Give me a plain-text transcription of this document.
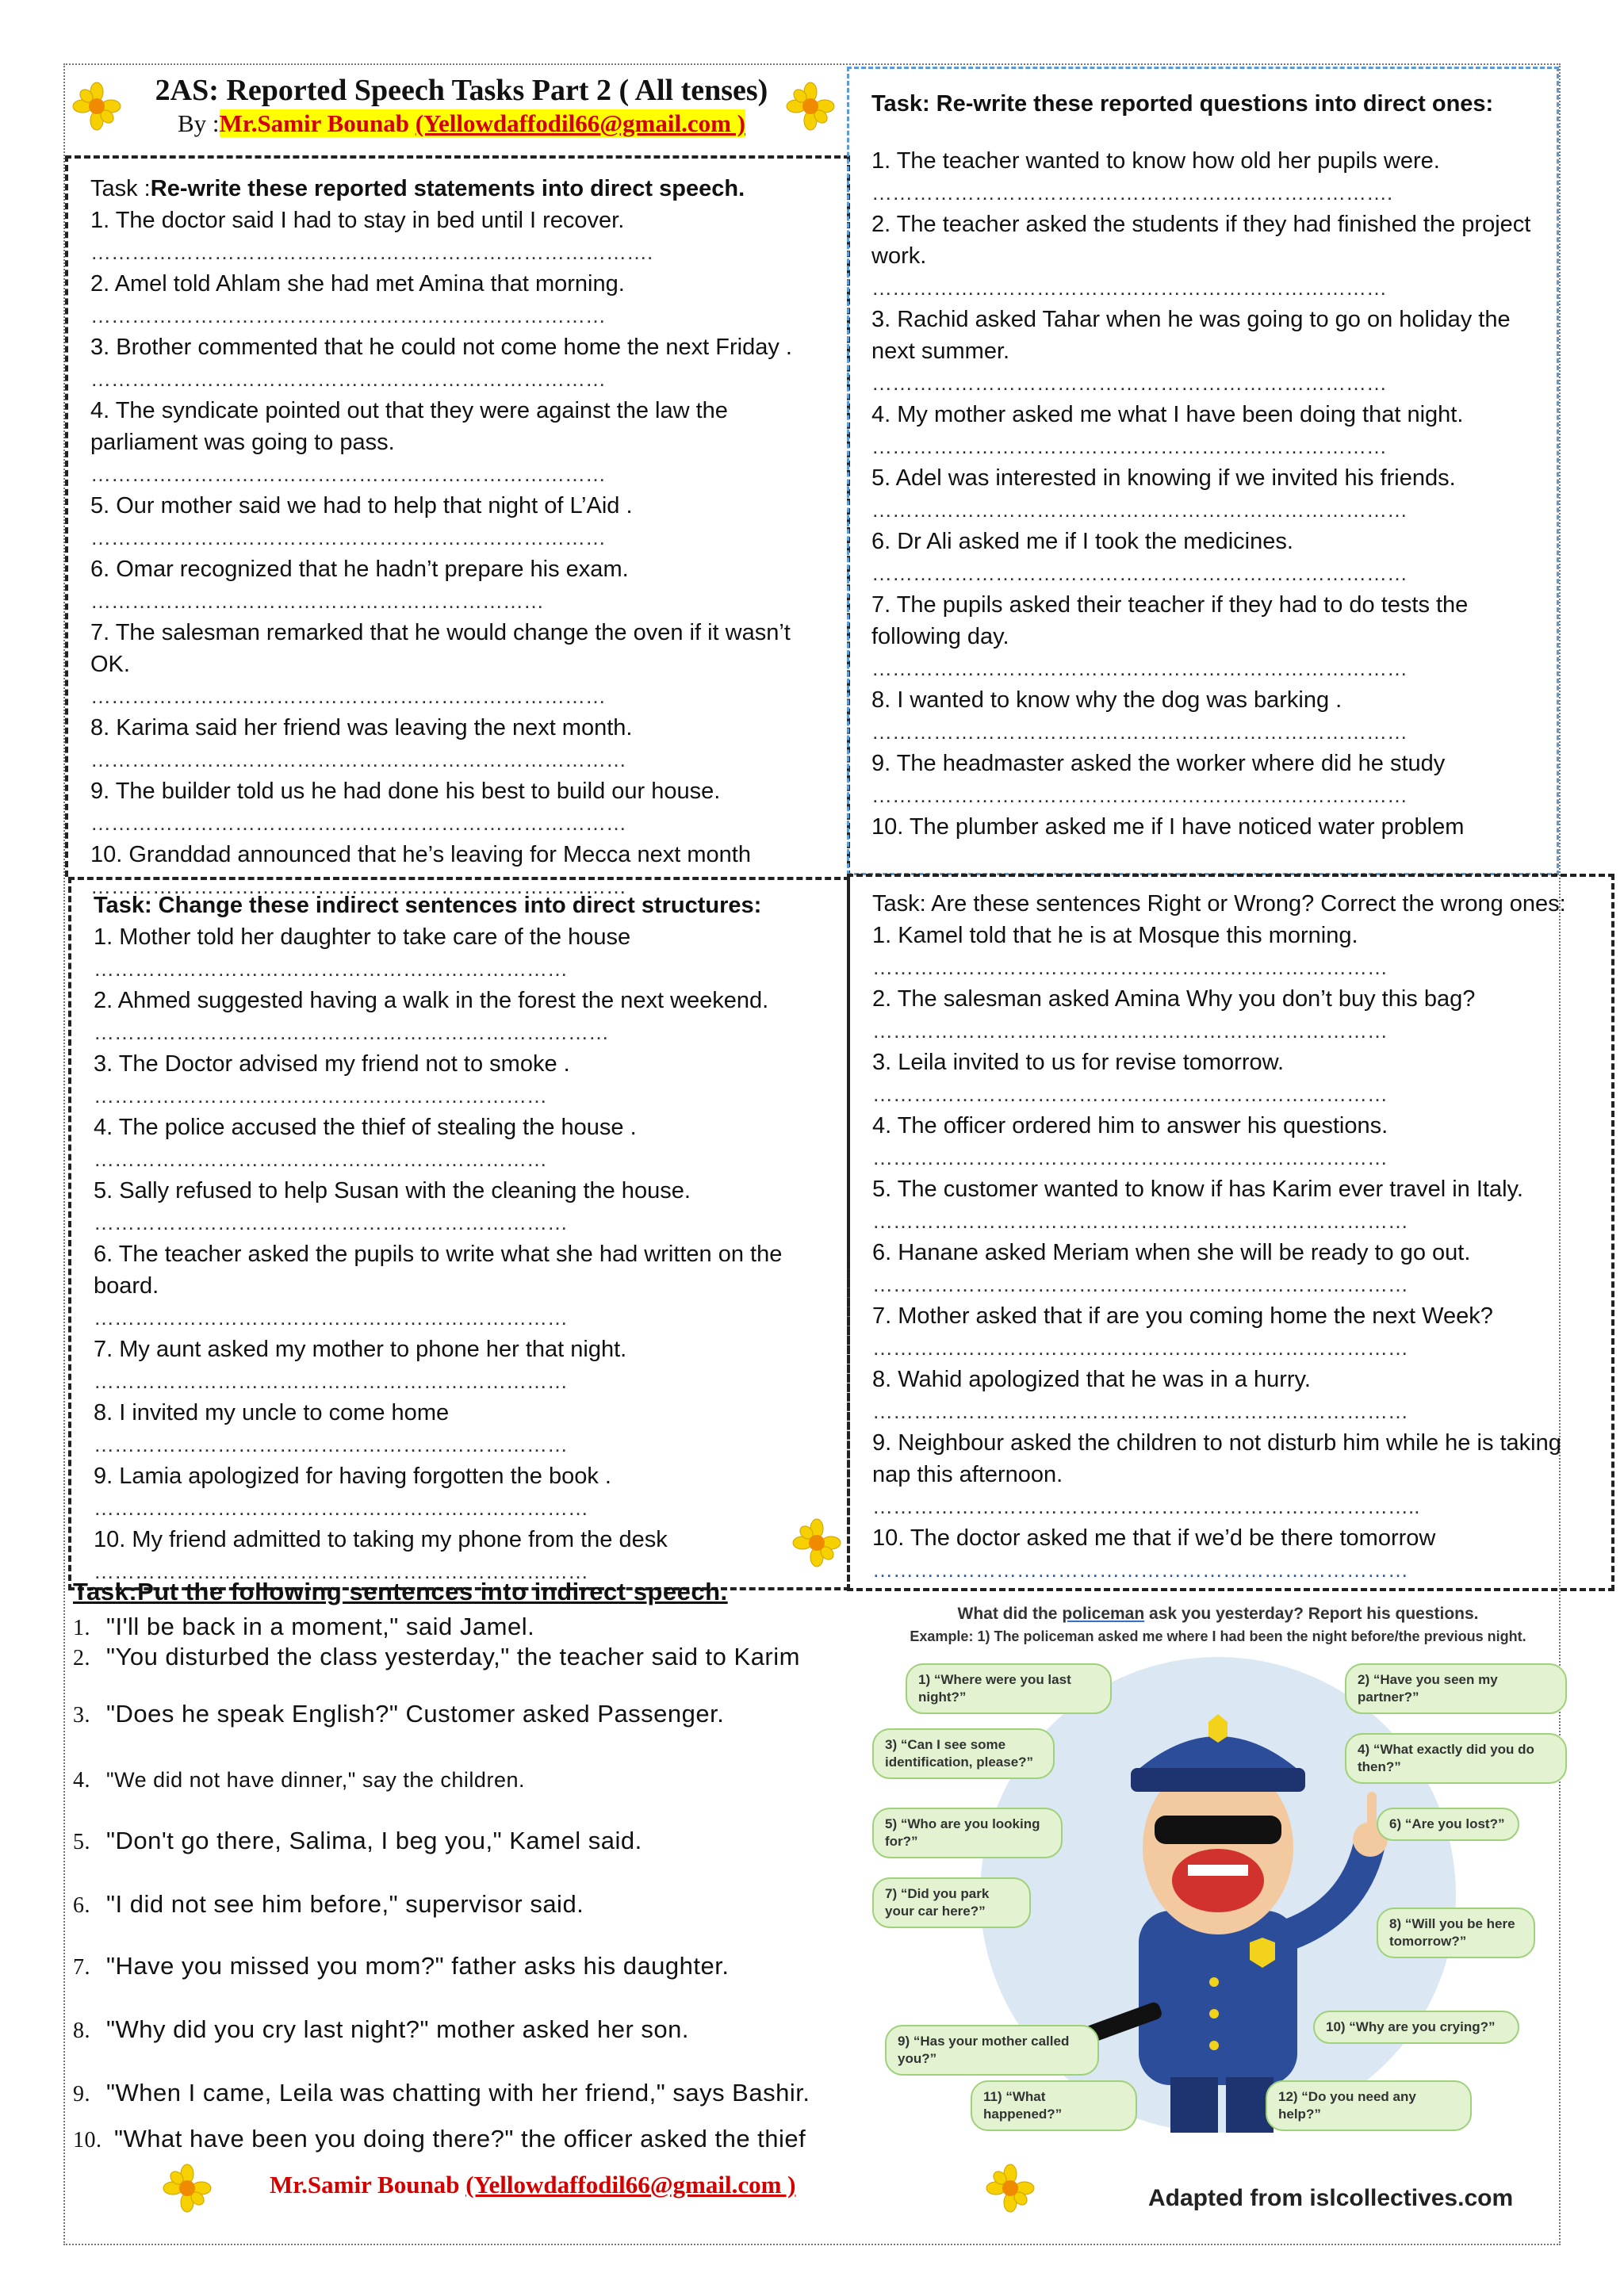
2AS: Reported Speech Tasks Part 2 ( All tenses)
By :Mr.Samir Bounab (Yellowdaffodil66@gmail.com )
Task :Re-write these reported statements into direct speech.
1. The doctor said I had to stay in bed until I recover.
……………………………………………………………………….
2. Amel told Ahlam she had met Amina that morning.
…………………………………………………………………
3. Brother commented that he could not come home the next Friday .
…………………………………………………………………
4. The syndicate pointed out that they were against the law the parliament was going to pass.
…………………………………………………………………
5. Our mother said we had to help that night of L’Aid .
…………………………………………………………………
6. Omar recognized that he hadn’t prepare his exam.
…………………………………………………………
7. The salesman remarked that he would change the oven if it wasn’t OK.
…………………………………………………………………
8. Karima said her friend was leaving the next month.
……………………………………………………………………
9. The builder told us he had done his best to build our house.
……………………………………………………………………
10. Granddad announced that he’s leaving for Mecca next month
……………………………………………………………………
Task: Re-write these reported questions into direct ones:
1. The teacher wanted to know how old her pupils were.
………………………………………………………………….
2. The teacher asked the students if they had finished the project work.
…………………………………………………………………
3. Rachid asked Tahar when he was going to go on holiday the next summer.
…………………………………………………………………
4. My mother asked me what I have been doing that night.
…………………………………………………………………
5. Adel was interested in knowing if we invited his friends.
……………………………………………………………………
6. Dr Ali asked me if I took the medicines.
……………………………………………………………………
7. The pupils asked their teacher if they had to do tests the following day.
……………………………………………………………………
8. I wanted to know why the dog was barking .
……………………………………………………………………
9. The headmaster asked the worker where did he study
……………………………………………………………………
10. The plumber asked me if I have noticed water problem
Task: Change these indirect sentences into direct structures:
1. Mother told her daughter to take care of the house
……………………………………………………………
2. Ahmed suggested having a walk in the forest the next weekend.
…………………………………………………………………
3. The Doctor advised my friend not to smoke .
…………………………………………………………
4. The police accused the thief of stealing the house .
…………………………………………………………
5. Sally refused to help Susan with the cleaning the house.
……………………………………………………………
6. The teacher asked the pupils to write what she had written on the board.
……………………………………………………………
7. My aunt asked my mother to phone her that night.
……………………………………………………………
8. I invited my uncle to come home
……………………………………………………………
9. Lamia apologized for having forgotten the book .
………………………………………………………………
10. My friend admitted to taking my phone from the desk
………………………………………………………………
Task: Are these sentences Right or Wrong? Correct the wrong ones:
1. Kamel told that he is at Mosque this morning.
…………………………………………………………………
2. The salesman asked Amina Why you don’t buy this bag?
…………………………………………………………………
3. Leila invited to us for revise tomorrow.
…………………………………………………………………
4. The officer ordered him to answer his questions.
…………………………………………………………………
5. The customer wanted to know if has Karim ever travel in Italy.
……………………………………………………………………
6. Hanane asked Meriam when she will be ready to go out.
……………………………………………………………………
7. Mother asked that if are you coming home the next Week?
……………………………………………………………………
8. Wahid apologized that he was in a hurry.
……………………………………………………………………
9. Neighbour asked the children to not disturb him while he is taking nap this afternoon.
……………………………………………………………………..
10. The doctor asked me that if we’d be there tomorrow
……………………………………………………………………
Task:Put the following sentences into indirect speech.
1. "I'll be back in a moment," said Jamel.
2. "You disturbed the class yesterday," the teacher said to Karim
3. "Does he speak English?" Customer asked Passenger.
4. "We did not have dinner," say the children.
5. "Don't go there, Salima, I beg you," Kamel said.
6. "I did not see him before," supervisor said.
7. "Have you missed you mom?" father asks his daughter.
8. "Why did you cry last night?" mother asked her son.
9. "When I came, Leila was chatting with her friend," says Bashir.
10. "What have been you doing there?" the officer asked the thief
What did the policeman ask you yesterday? Report his questions.
Example: 1) The policeman asked me where I had been the night before/the previous night.
1) “Where were you last night?”
2) “Have you seen my partner?”
3) “Can I see some identification, please?”
4) “What exactly did you do then?”
5) “Who are you looking for?”
6) “Are you lost?”
7) “Did you park your car here?”
8) “Will you be here tomorrow?”
9) “Has your mother called you?”
10) “Why are you crying?”
11) “What happened?”
12) “Do you need any help?”
Adapted from islcollectives.com
Mr.Samir Bounab (Yellowdaffodil66@gmail.com )
